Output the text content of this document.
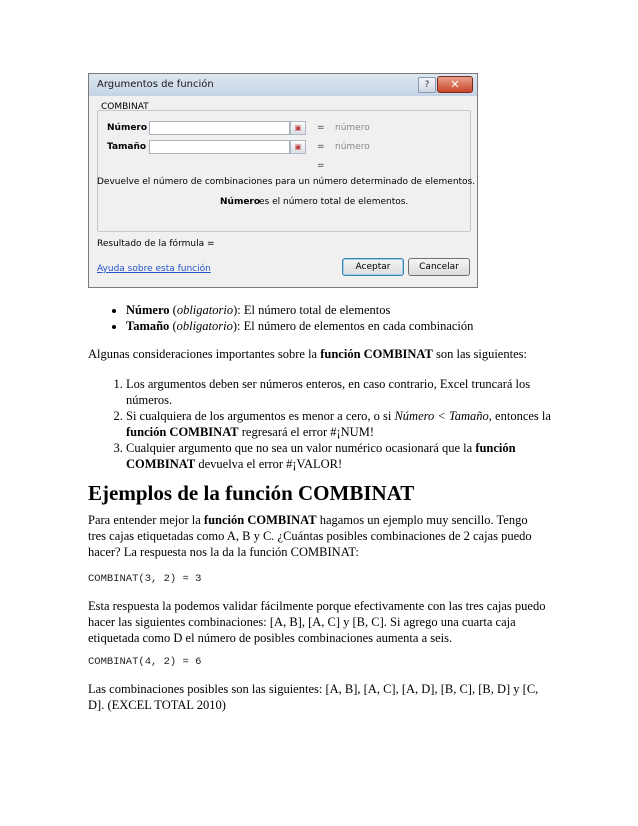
Argumentos de función	?	✕
COMBINAT
Número	▣	= número
Tamaño	▣	= número
=
Devuelve el número de combinaciones para un número determinado de elementos.
Número
es el número total de elementos.
Resultado de la fórmula =
Ayuda sobre esta función	Aceptar	Cancelar
• Número (obligatorio): El número total de elementos
• Tamaño (obligatorio): El número de elementos en cada combinación
Algunas consideraciones importantes sobre la función COMBINAT son las siguientes:
1. Los argumentos deben ser números enteros, en caso contrario, Excel truncará los números.
2. Si cualquiera de los argumentos es menor a cero, o si Número < Tamaño, entonces la función COMBINAT regresará el error #¡NUM!
3. Cualquier argumento que no sea un valor numérico ocasionará que la función COMBINAT devuelva el error #¡VALOR!
Ejemplos de la función COMBINAT
Para entender mejor la función COMBINAT hagamos un ejemplo muy sencillo. Tengo tres cajas etiquetadas como A, B y C. ¿Cuántas posibles combinaciones de 2 cajas puedo hacer? La respuesta nos la da la función COMBINAT:
COMBINAT(3, 2) = 3
Esta respuesta la podemos validar fácilmente porque efectivamente con las tres cajas puedo hacer las siguientes combinaciones: [A, B], [A, C] y [B, C]. Si agrego una cuarta caja etiquetada como D el número de posibles combinaciones aumenta a seis.
COMBINAT(4, 2) = 6
Las combinaciones posibles son las siguientes: [A, B], [A, C], [A, D], [B, C], [B, D] y [C, D]. (EXCEL TOTAL 2010)
